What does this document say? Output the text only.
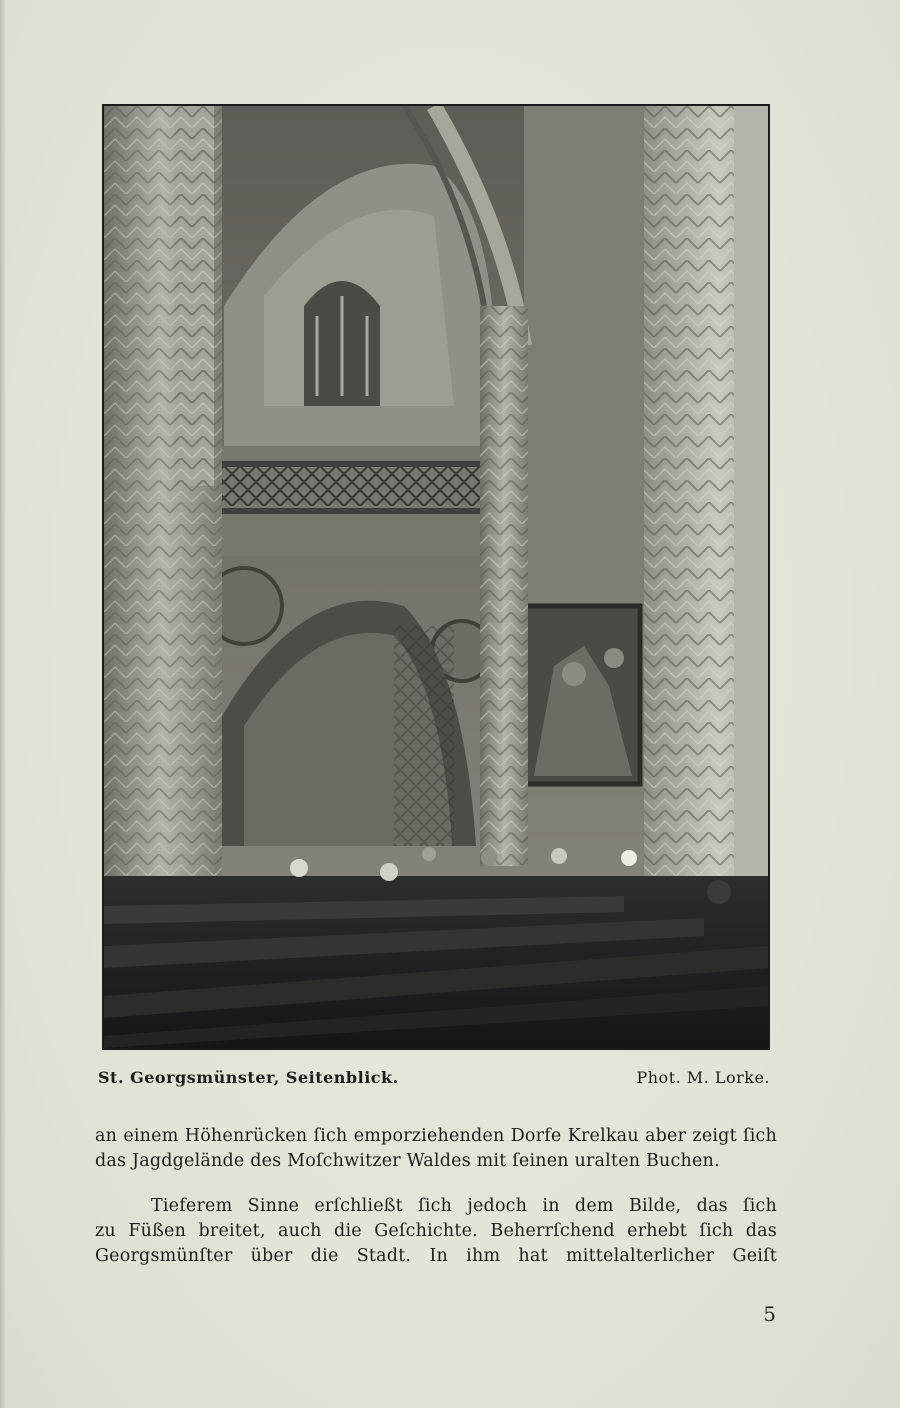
St. Georgsmünster, Seitenblick.	Phot. M. Lorke.

an einem Höhenrücken ſich emporziehenden Dorfe Krelkau aber zeigt ſich
das Jagdgelände des Moſchwitzer Waldes mit ſeinen uralten Buchen.

Tieferem Sinne erſchließt ſich jedoch in dem Bilde, das ſich
zu Füßen breitet, auch die Geſchichte. Beherrſchend erhebt ſich das
Georgsmünſter über die Stadt. In ihm hat mittelalterlicher Geiſt

5
